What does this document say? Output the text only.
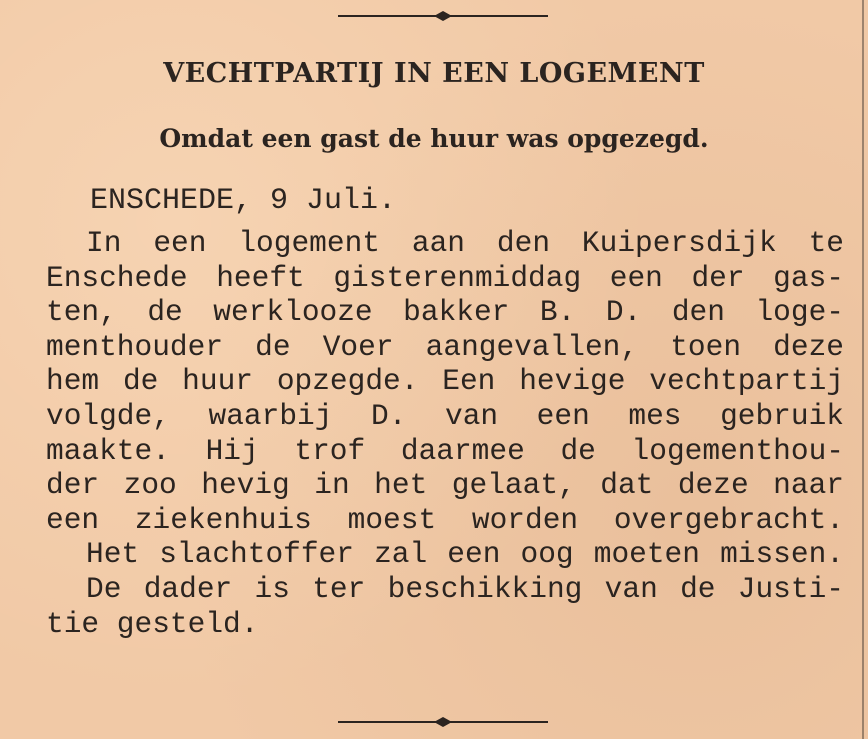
VECHTPARTIJ IN EEN LOGEMENT
Omdat een gast de huur was opgezegd.
ENSCHEDE, 9 Juli.
In een logement aan den Kuipersdijk te
Enschede heeft gisterenmiddag een der gas-
ten, de werklooze bakker B. D. den loge-
menthouder de Voer aangevallen, toen deze
hem de huur opzegde. Een hevige vechtpartij
volgde, waarbij D. van een mes gebruik
maakte. Hij trof daarmee de logementhou-
der zoo hevig in het gelaat, dat deze naar
een ziekenhuis moest worden overgebracht.
Het slachtoffer zal een oog moeten missen.
De dader is ter beschikking van de Justi-
tie gesteld.
